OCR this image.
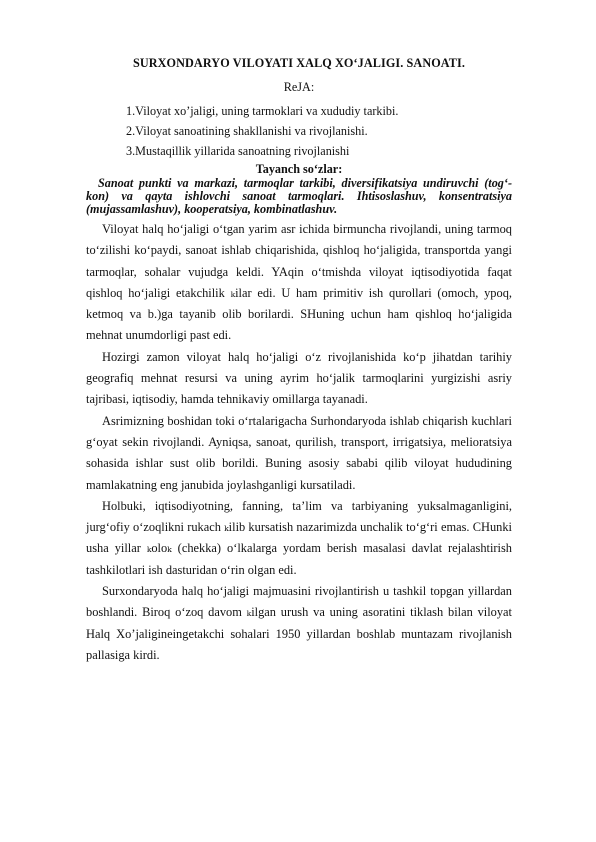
SURXONDARYO VILOYATI XALQ XO‘JALIGI. SANOATI.
ReJA:
1.Viloyat xo’jaligi, uning tarmoklari va xududiy tarkibi.
2.Viloyat sanoatining shakllanishi va rivojlanishi.
3.Mustaqillik yillarida sanoatning rivojlanishi
Tayanch so‘zlar:
Sanoat punkti va markazi, tarmoqlar tarkibi, diversifikatsiya undiruvchi (tog‘-kon) va qayta ishlovchi sanoat tarmoqlari. Ihtisoslashuv, konsentratsiya (mujassamlashuv), kooperatsiya, kombinatlashuv.

Viloyat halq ho‘jaligi o‘tgan yarim asr ichida birmuncha rivojlandi, uning tarmoq to‘zilishi ko‘paydi, sanoat ishlab chiqarishida, qishloq ho‘jaligida, transportda yangi tarmoqlar, sohalar vujudga keldi. YAqin o‘tmishda viloyat iqtisodiyotida faqat qishloq ho‘jaligi etakchilik ₖilar edi. U ham primitiv ish qurollari (omoch, ypoq, ketmoq va b.)ga tayanib olib borilardi. SHuning uchun ham qishloq ho‘jaligida mehnat unumdorligi past edi.

Hozirgi zamon viloyat halq ho‘jaligi o‘z rivojlanishida ko‘p jihatdan tarihiy geografiq mehnat resursi va uning ayrim ho‘jalik tarmoqlarini yurgizishi asriy tajribasi, iqtisodiy, hamda tehnikaviy omillarga tayanadi.

Asrimizning boshidan toki o‘rtalarigacha Surhondaryoda ishlab chiqarish kuchlari g‘oyat sekin rivojlandi. Ayniqsa, sanoat, qurilish, transport, irrigatsiya, melioratsiya sohasida ishlar sust olib borildi. Buning asosiy sababi qilib viloyat hududining mamlakatning eng janubida joylashganligi kursatiladi.

Holbuki, iqtisodiyotning, fanning, ta’lim va tarbiyaning yuksalmaganligini, jurg‘ofiy o‘zoqlikni rukach ₖilib kursatish nazarimizda unchalik to‘g‘ri emas. CHunki usha yillar ₖoloₖ (chekka) o‘lkalarga yordam berish masalasi davlat rejalashtirish tashkilotlari ish dasturidan o‘rin olgan edi.

Surxondaryoda halq ho‘jaligi majmuasini rivojlantirish u tashkil topgan yillardan boshlandi. Biroq o‘zoq davom ₖilgan urush va uning asoratini tiklash bilan viloyat Halq Xo’jaligineingetakchi sohalari 1950 yillardan boshlab muntazam rivojlanish pallasiga kirdi.
